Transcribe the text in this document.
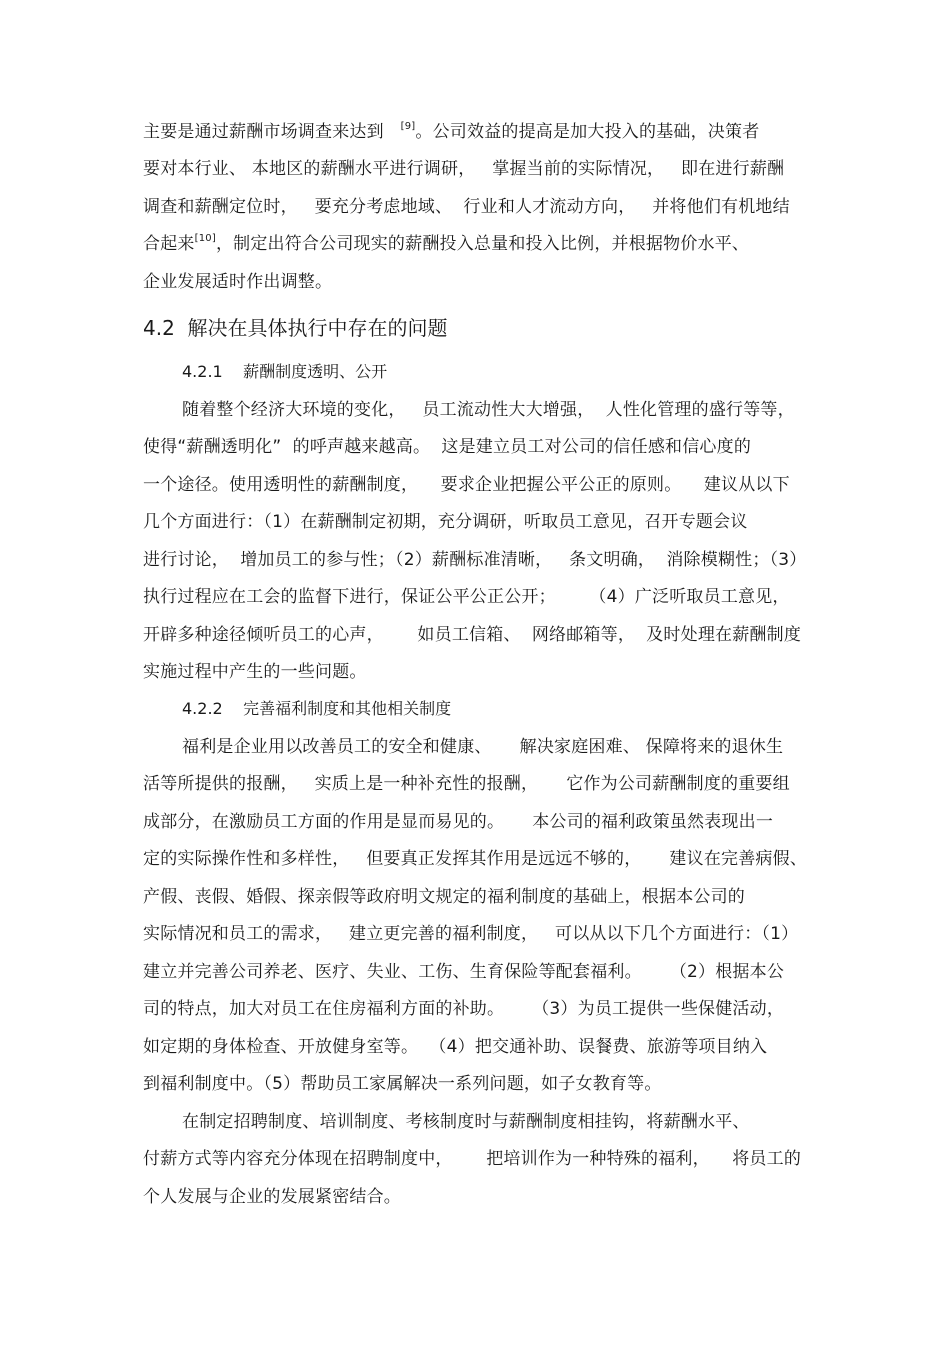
主要是通过薪酬市场调查来达到   [9]。公司效益的提高是加大投入的基础，决策者
要对本行业、 本地区的薪酬水平进行调研，   掌握当前的实际情况，   即在进行薪酬
调查和薪酬定位时，   要充分考虑地域、  行业和人才流动方向，   并将他们有机地结
合起来[10]，制定出符合公司现实的薪酬投入总量和投入比例，并根据物价水平、
企业发展适时作出调整。
4.2 解决在具体执行中存在的问题
4.2.1 薪酬制度透明、公开
随着整个经济大环境的变化，   员工流动性大大增强，  人性化管理的盛行等等，
使得“薪酬透明化”  的呼声越来越高。  这是建立员工对公司的信任感和信心度的
一个途径。使用透明性的薪酬制度，    要求企业把握公平公正的原则。    建议从以下
几个方面进行：（1）在薪酬制定初期，充分调研，听取员工意见，召开专题会议
进行讨论，  增加员工的参与性；（2）薪酬标准清晰，   条文明确，  消除模糊性；（3）
执行过程应在工会的监督下进行，保证公平公正公开；      （4）广泛听取员工意见，
开辟多种途径倾听员工的心声，      如员工信箱、  网络邮箱等，  及时处理在薪酬制度
实施过程中产生的一些问题。
4.2.2 完善福利制度和其他相关制度
福利是企业用以改善员工的安全和健康、     解决家庭困难、 保障将来的退休生
活等所提供的报酬，   实质上是一种补充性的报酬，     它作为公司薪酬制度的重要组
成部分，在激励员工方面的作用是显而易见的。     本公司的福利政策虽然表现出一
定的实际操作性和多样性，   但要真正发挥其作用是远远不够的，     建议在完善病假、
产假、丧假、婚假、探亲假等政府明文规定的福利制度的基础上，根据本公司的
实际情况和员工的需求，   建立更完善的福利制度，   可以从以下几个方面进行：（1）
建立并完善公司养老、医疗、失业、工伤、生育保险等配套福利。     （2）根据本公
司的特点，加大对员工在住房福利方面的补助。     （3）为员工提供一些保健活动，
如定期的身体检查、开放健身室等。  （4）把交通补助、误餐费、旅游等项目纳入
到福利制度中。（5）帮助员工家属解决一系列问题，如子女教育等。
在制定招聘制度、培训制度、考核制度时与薪酬制度相挂钩，将薪酬水平、
付薪方式等内容充分体现在招聘制度中，      把培训作为一种特殊的福利，    将员工的
个人发展与企业的发展紧密结合。
